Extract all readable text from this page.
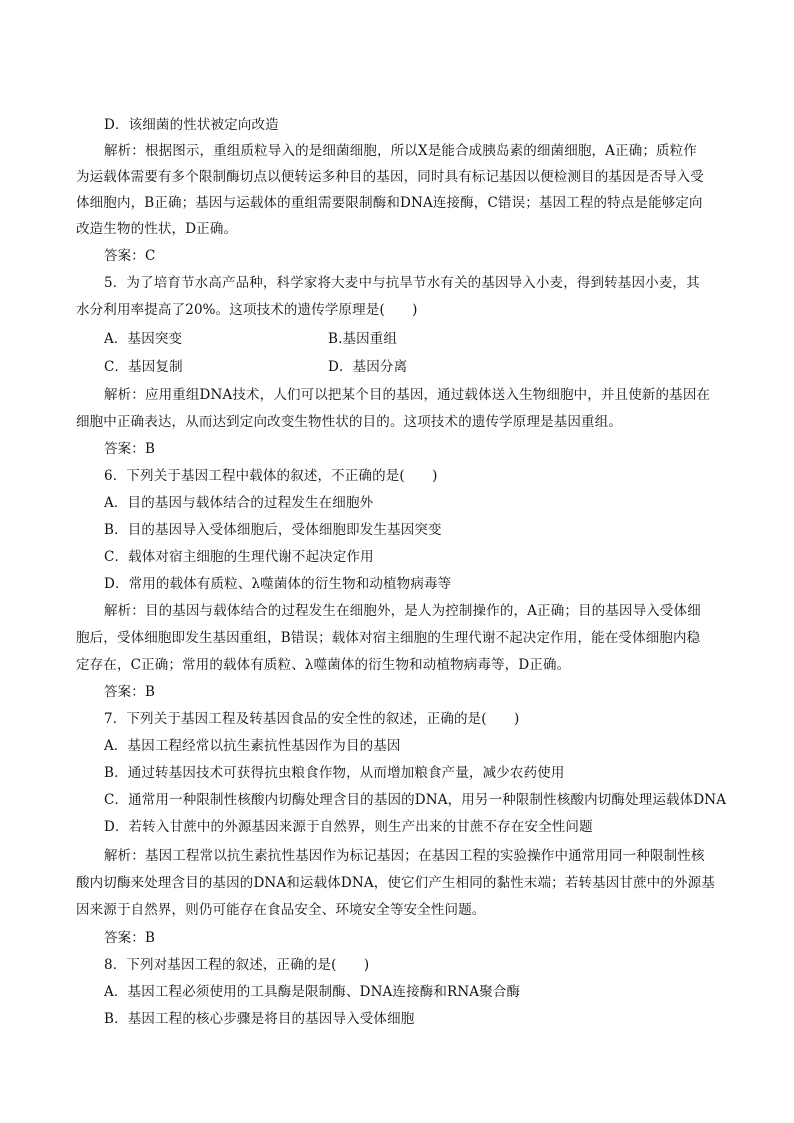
D．该细菌的性状被定向改造
解析：根据图示，重组质粒导入的是细菌细胞，所以X是能合成胰岛素的细菌细胞，A正确；质粒作
为运载体需要有多个限制酶切点以便转运多种目的基因，同时具有标记基因以便检测目的基因是否导入受
体细胞内，B正确；基因与运载体的重组需要限制酶和DNA连接酶，C错误；基因工程的特点是能够定向
改造生物的性状，D正确。
答案：C
5．为了培育节水高产品种，科学家将大麦中与抗旱节水有关的基因导入小麦，得到转基因小麦，其
水分利用率提高了20%。这项技术的遗传学原理是(　　)
A．基因突变	B.基因重组
C．基因复制	D．基因分离
解析：应用重组DNA技术，人们可以把某个目的基因，通过载体送入生物细胞中，并且使新的基因在
细胞中正确表达，从而达到定向改变生物性状的目的。这项技术的遗传学原理是基因重组。
答案：B
6．下列关于基因工程中载体的叙述，不正确的是(　　)
A．目的基因与载体结合的过程发生在细胞外
B．目的基因导入受体细胞后，受体细胞即发生基因突变
C．载体对宿主细胞的生理代谢不起决定作用
D．常用的载体有质粒、λ噬菌体的衍生物和动植物病毒等
解析：目的基因与载体结合的过程发生在细胞外，是人为控制操作的，A正确；目的基因导入受体细
胞后，受体细胞即发生基因重组，B错误；载体对宿主细胞的生理代谢不起决定作用，能在受体细胞内稳
定存在，C正确；常用的载体有质粒、λ噬菌体的衍生物和动植物病毒等，D正确。
答案：B
7．下列关于基因工程及转基因食品的安全性的叙述，正确的是(　　)
A．基因工程经常以抗生素抗性基因作为目的基因
B．通过转基因技术可获得抗虫粮食作物，从而增加粮食产量，减少农药使用
C．通常用一种限制性核酸内切酶处理含目的基因的DNA，用另一种限制性核酸内切酶处理运载体DNA
D．若转入甘蔗中的外源基因来源于自然界，则生产出来的甘蔗不存在安全性问题
解析：基因工程常以抗生素抗性基因作为标记基因；在基因工程的实验操作中通常用同一种限制性核
酸内切酶来处理含目的基因的DNA和运载体DNA，使它们产生相同的黏性末端；若转基因甘蔗中的外源基
因来源于自然界，则仍可能存在食品安全、环境安全等安全性问题。
答案：B
8．下列对基因工程的叙述，正确的是(　　)
A．基因工程必须使用的工具酶是限制酶、DNA连接酶和RNA聚合酶
B．基因工程的核心步骤是将目的基因导入受体细胞
